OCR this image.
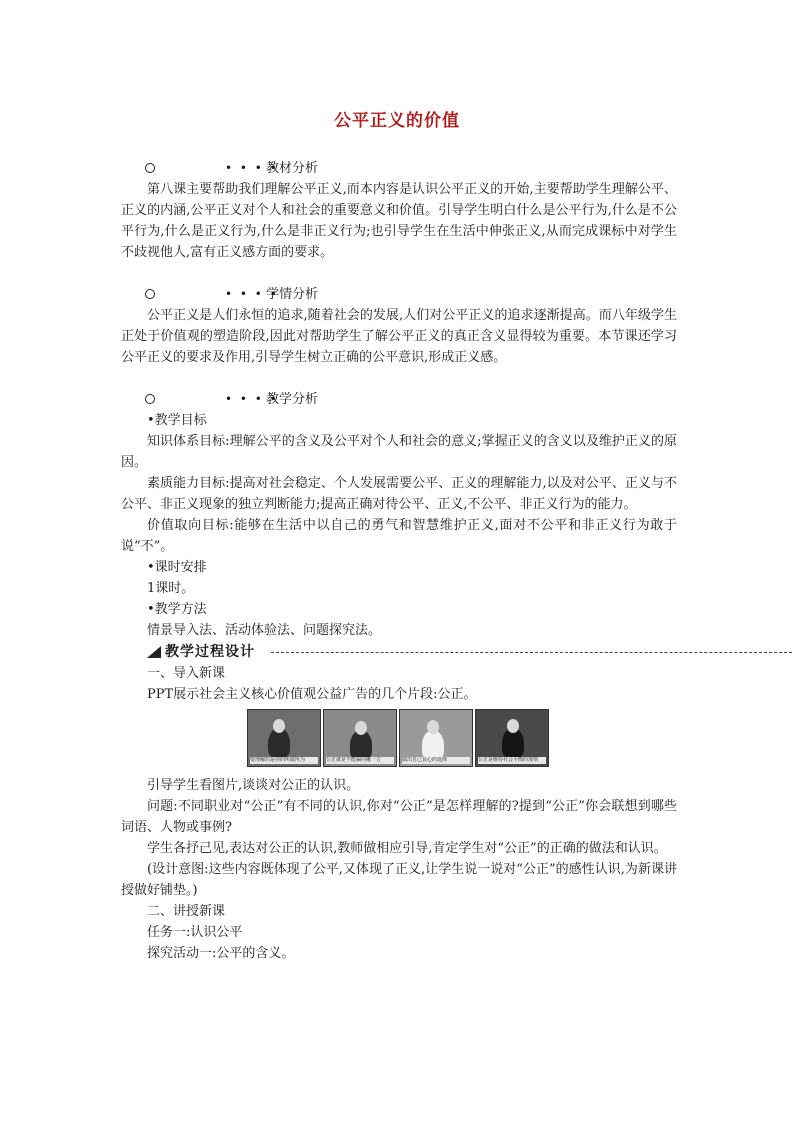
公平正义的价值
• • • •
教材分析

第八课主要帮助我们理解公平正义,而本内容是认识公平正义的开始,主要帮助学生理解公平、正义的内涵,公平正义对个人和社会的重要意义和价值。引导学生明白什么是公平行为,什么是不公平行为,什么是正义行为,什么是非正义行为;也引导学生在生活中伸张正义,从而完成课标中对学生不歧视他人,富有正义感方面的要求。

• • • •
学情分析

公平正义是人们永恒的追求,随着社会的发展,人们对公平正义的追求逐渐提高。而八年级学生正处于价值观的塑造阶段,因此对帮助学生了解公平正义的真正含义显得较为重要。本节课还学习公平正义的要求及作用,引导学生树立正确的公平意识,形成正义感。

• • • •
教学分析
•教学目标

知识体系目标:理解公平的含义及公平对个人和社会的意义;掌握正义的含义以及维护正义的原因。

素质能力目标:提高对社会稳定、个人发展需要公平、正义的理解能力,以及对公平、正义与不公平、非正义现象的独立判断能力;提高正确对待公平、正义,不公平、非正义行为的能力。

价值取向目标:能够在生活中以自己的勇气和智慧维护正义,面对不公平和非正义行为敢于说“不”。

•课时安排
1课时。
•教学方法
情景导入法、活动体验法、问题探究法。
教学过程设计
一、导入新课
PPT展示社会主义核心价值观公益广告的几个片段:公正。
要理解的是你的所做所为	公正就是不能偏向哪一方	做出自己良心的选择	公正是维持社会平衡的准则

引导学生看图片,谈谈对公正的认识。

问题:不同职业对“公正”有不同的认识,你对“公正”是怎样理解的?提到“公正”你会联想到哪些词语、人物或事例?

学生各抒己见,表达对公正的认识,教师做相应引导,肯定学生对“公正”的正确的做法和认识。

(设计意图:这些内容既体现了公平,又体现了正义,让学生说一说对“公正”的感性认识,为新课讲授做好铺垫。)

二、讲授新课
任务一:认识公平
探究活动一:公平的含义。
